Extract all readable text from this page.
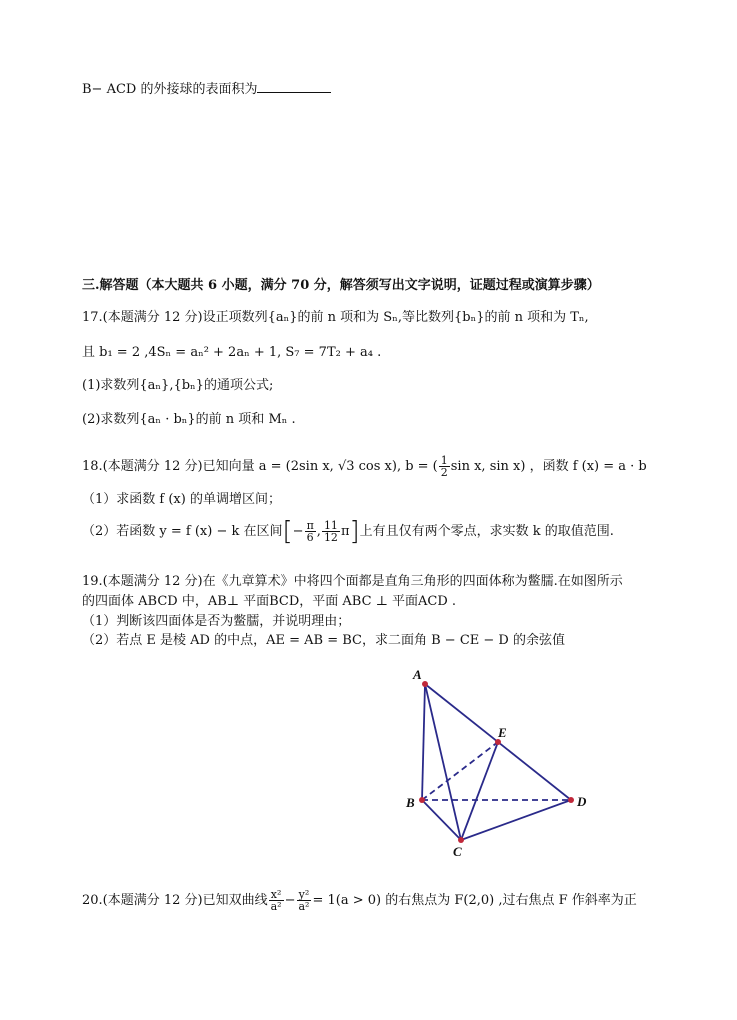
B− ACD 的外接球的表面积为
三.解答题（本大题共 6 小题，满分 70 分，解答须写出文字说明，证题过程或演算步骤）
17.(本题满分 12 分)设正项数列{aₙ}的前 n 项和为 Sₙ,等比数列{bₙ}的前 n 项和为 Tₙ,
且 b₁ = 2 ,4Sₙ = aₙ² + 2aₙ + 1, S₇ = 7T₂ + a₄ .
(1)求数列{aₙ},{bₙ}的通项公式;
(2)求数列{aₙ · bₙ}的前 n 项和 Mₙ .
18.(本题满分 12 分)已知向量 a = (2sin x, √3 cos x), b = ( $\frac{1}{2}$ sin x, sin x) ，函数 f (x) = a · b
（1）求函数 f (x) 的单调增区间；
（2）若函数 y = f (x) − k 在区间[− $\frac{\pi}{6}$ , $\frac{11}{12} \pi$]上有且仅有两个零点，求实数 k 的取值范围.
19.(本题满分 12 分)在《九章算术》中将四个面都是直角三角形的四面体称为鳖臑.在如图所示
的四面体 ABCD 中，AB⊥ 平面BCD，平面 ABC ⊥ 平面ACD .
（1）判断该四面体是否为鳖臑，并说明理由；
（2）若点 E 是棱 AD 的中点，AE = AB = BC，求二面角 B − CE − D 的余弦值
A
B
C
D
E
20.(本题满分 12 分)已知双曲线 $\frac{\text{x²}}{\text{a²}} - \frac{\text{y²}}{\text{a²}} = 1(a > 0)$ 的右焦点为 F(2,0) ,过右焦点 F 作斜率为正
